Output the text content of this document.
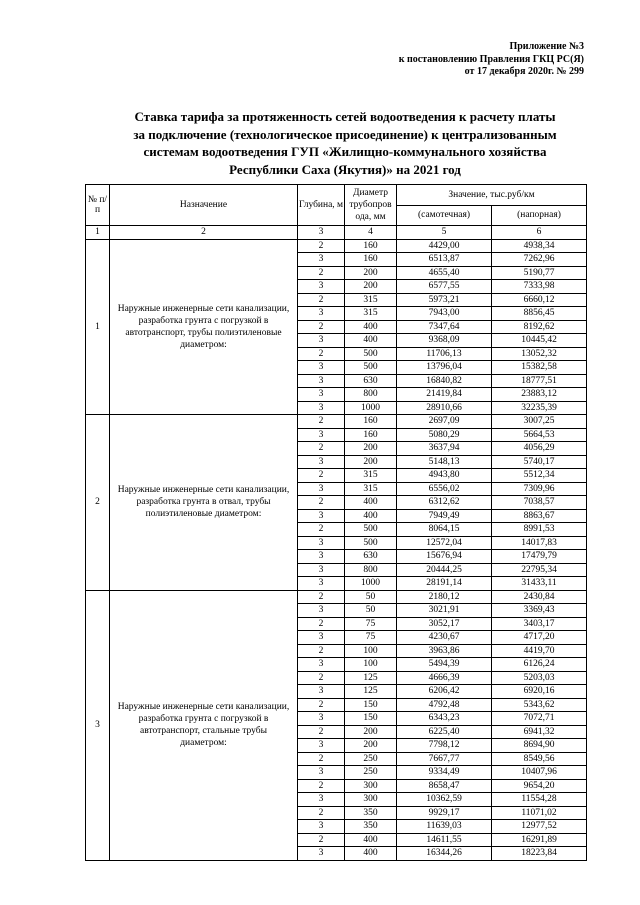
Приложение №3
к постановлению Правления ГКЦ РС(Я)
от 17 декабря 2020г. № 299
Ставка тарифа за протяженность сетей водоотведения к расчету платы
за подключение (технологическое присоединение) к централизованным
системам водоотведения ГУП «Жилищно-коммунального хозяйства
Республики Саха (Якутия)» на 2021 год
№ п/п	Назначение	Глубина, м	Диаметр трубопров ода, мм	Значение, тыс.руб/км	
				(самотечная)	(напорная)
1	2	3	4	5	6
1	Наружные инженерные сети канализации, разработка грунта с погрузкой в автотранспорт, трубы полиэтиленовые диаметром:	2	160	4429,00	4938,34
		3	160	6513,87	7262,96
		2	200	4655,40	5190,77
		3	200	6577,55	7333,98
		2	315	5973,21	6660,12
		3	315	7943,00	8856,45
		2	400	7347,64	8192,62
		3	400	9368,09	10445,42
		2	500	11706,13	13052,32
		3	500	13796,04	15382,58
		3	630	16840,82	18777,51
		3	800	21419,84	23883,12
		3	1000	28910,66	32235,39
2	Наружные инженерные сети канализации, разработка грунта в отвал, трубы полиэтиленовые диаметром:	2	160	2697,09	3007,25
		3	160	5080,29	5664,53
		2	200	3637,94	4056,29
		3	200	5148,13	5740,17
		2	315	4943,80	5512,34
		3	315	6556,02	7309,96
		2	400	6312,62	7038,57
		3	400	7949,49	8863,67
		2	500	8064,15	8991,53
		3	500	12572,04	14017,83
		3	630	15676,94	17479,79
		3	800	20444,25	22795,34
		3	1000	28191,14	31433,11
3	Наружные инженерные сети канализации, разработка грунта с погрузкой в автотранспорт, стальные трубы диаметром:	2	50	2180,12	2430,84
		3	50	3021,91	3369,43
		2	75	3052,17	3403,17
		3	75	4230,67	4717,20
		2	100	3963,86	4419,70
		3	100	5494,39	6126,24
		2	125	4666,39	5203,03
		3	125	6206,42	6920,16
		2	150	4792,48	5343,62
		3	150	6343,23	7072,71
		2	200	6225,40	6941,32
		3	200	7798,12	8694,90
		2	250	7667,77	8549,56
		3	250	9334,49	10407,96
		2	300	8658,47	9654,20
		3	300	10362,59	11554,28
		2	350	9929,17	11071,02
		3	350	11639,03	12977,52
		2	400	14611,55	16291,89
		3	400	16344,26	18223,84
